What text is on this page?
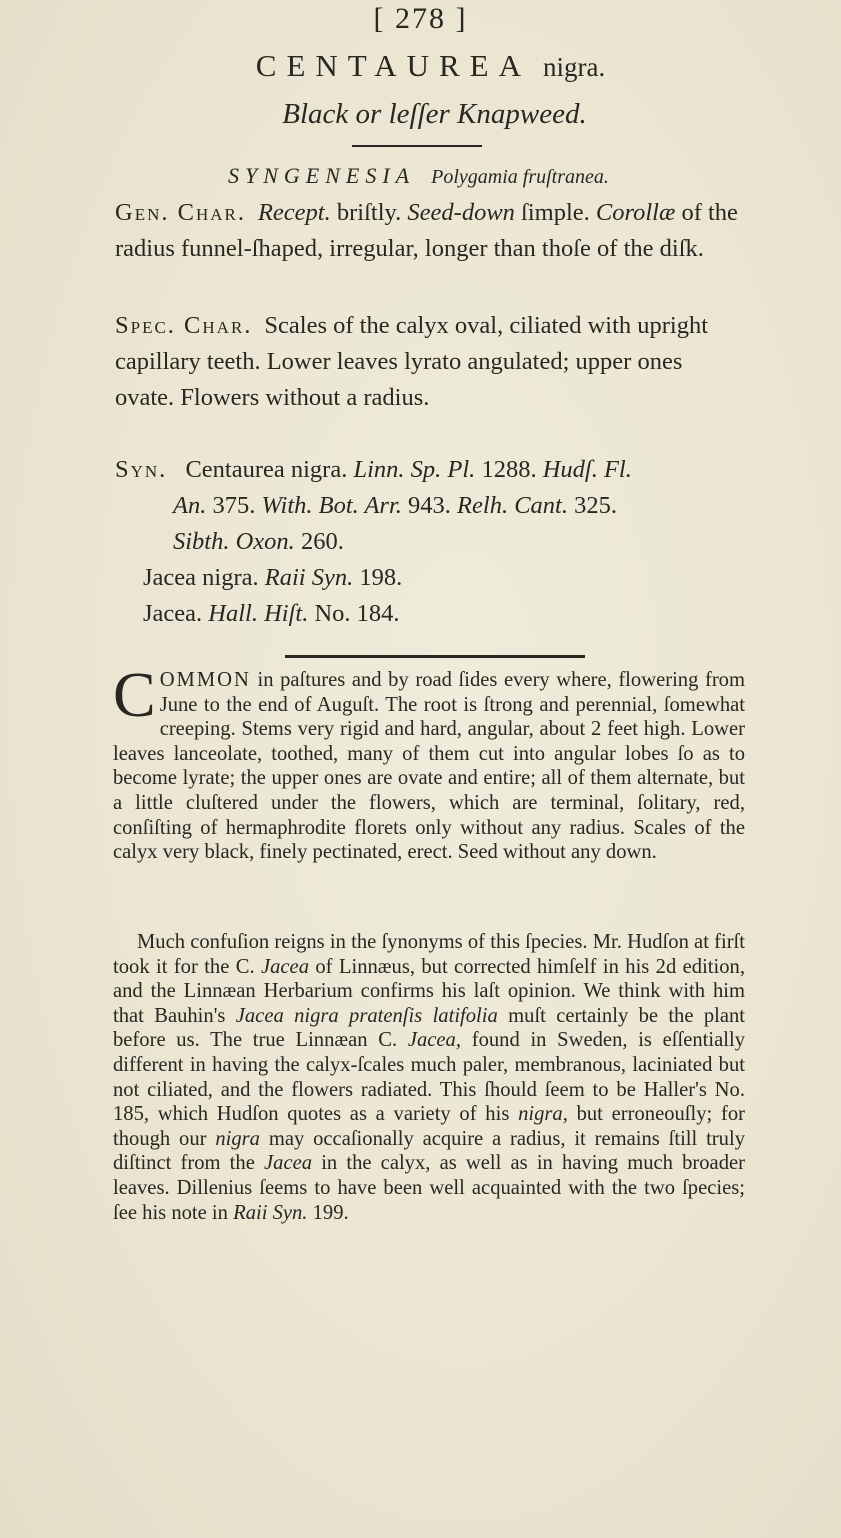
[ 278 ]
CENTAUREA nigra.
Black or leſſer Knapweed.
SYNGENESIA Polygamia fruſtranea.
Gen. Char. Recept. briſtly. Seed-down ſimple. Corollæ of the radius funnel-ſhaped, irregular, longer than thoſe of the diſk.
Spec. Char. Scales of the calyx oval, ciliated with upright capillary teeth. Lower leaves lyrato angulated; upper ones ovate. Flowers without a radius.
Syn. Centaurea nigra. Linn. Sp. Pl. 1288. Hudſ. Fl.
An. 375. With. Bot. Arr. 943. Relh. Cant. 325.
Sibth. Oxon. 260.
Jacea nigra. Raii Syn. 198.
Jacea. Hall. Hiſt. No. 184.

COMMON in paſtures and by road ſides every where, flowering from June to the end of Auguſt. The root is ſtrong and perennial, ſomewhat creeping. Stems very rigid and hard, angular, about 2 feet high. Lower leaves lanceolate, toothed, many of them cut into angular lobes ſo as to become lyrate; the upper ones are ovate and entire; all of them alternate, but a little cluſtered under the flowers, which are terminal, ſolitary, red, conſiſting of hermaphrodite florets only without any radius. Scales of the calyx very black, finely pectinated, erect. Seed without any down.

Much confuſion reigns in the ſynonyms of this ſpecies. Mr. Hudſon at firſt took it for the C. Jacea of Linnæus, but corrected himſelf in his 2d edition, and the Linnæan Herbarium confirms his laſt opinion. We think with him that Bauhin's Jacea nigra pratenſis latifolia muſt certainly be the plant before us. The true Linnæan C. Jacea, found in Sweden, is eſſentially different in having the calyx-ſcales much paler, membranous, laciniated but not ciliated, and the flowers radiated. This ſhould ſeem to be Haller's No. 185, which Hudſon quotes as a variety of his nigra, but erroneouſly; for though our nigra may occaſionally acquire a radius, it remains ſtill truly diſtinct from the Jacea in the calyx, as well as in having much broader leaves. Dillenius ſeems to have been well acquainted with the two ſpecies; ſee his note in Raii Syn. 199.
